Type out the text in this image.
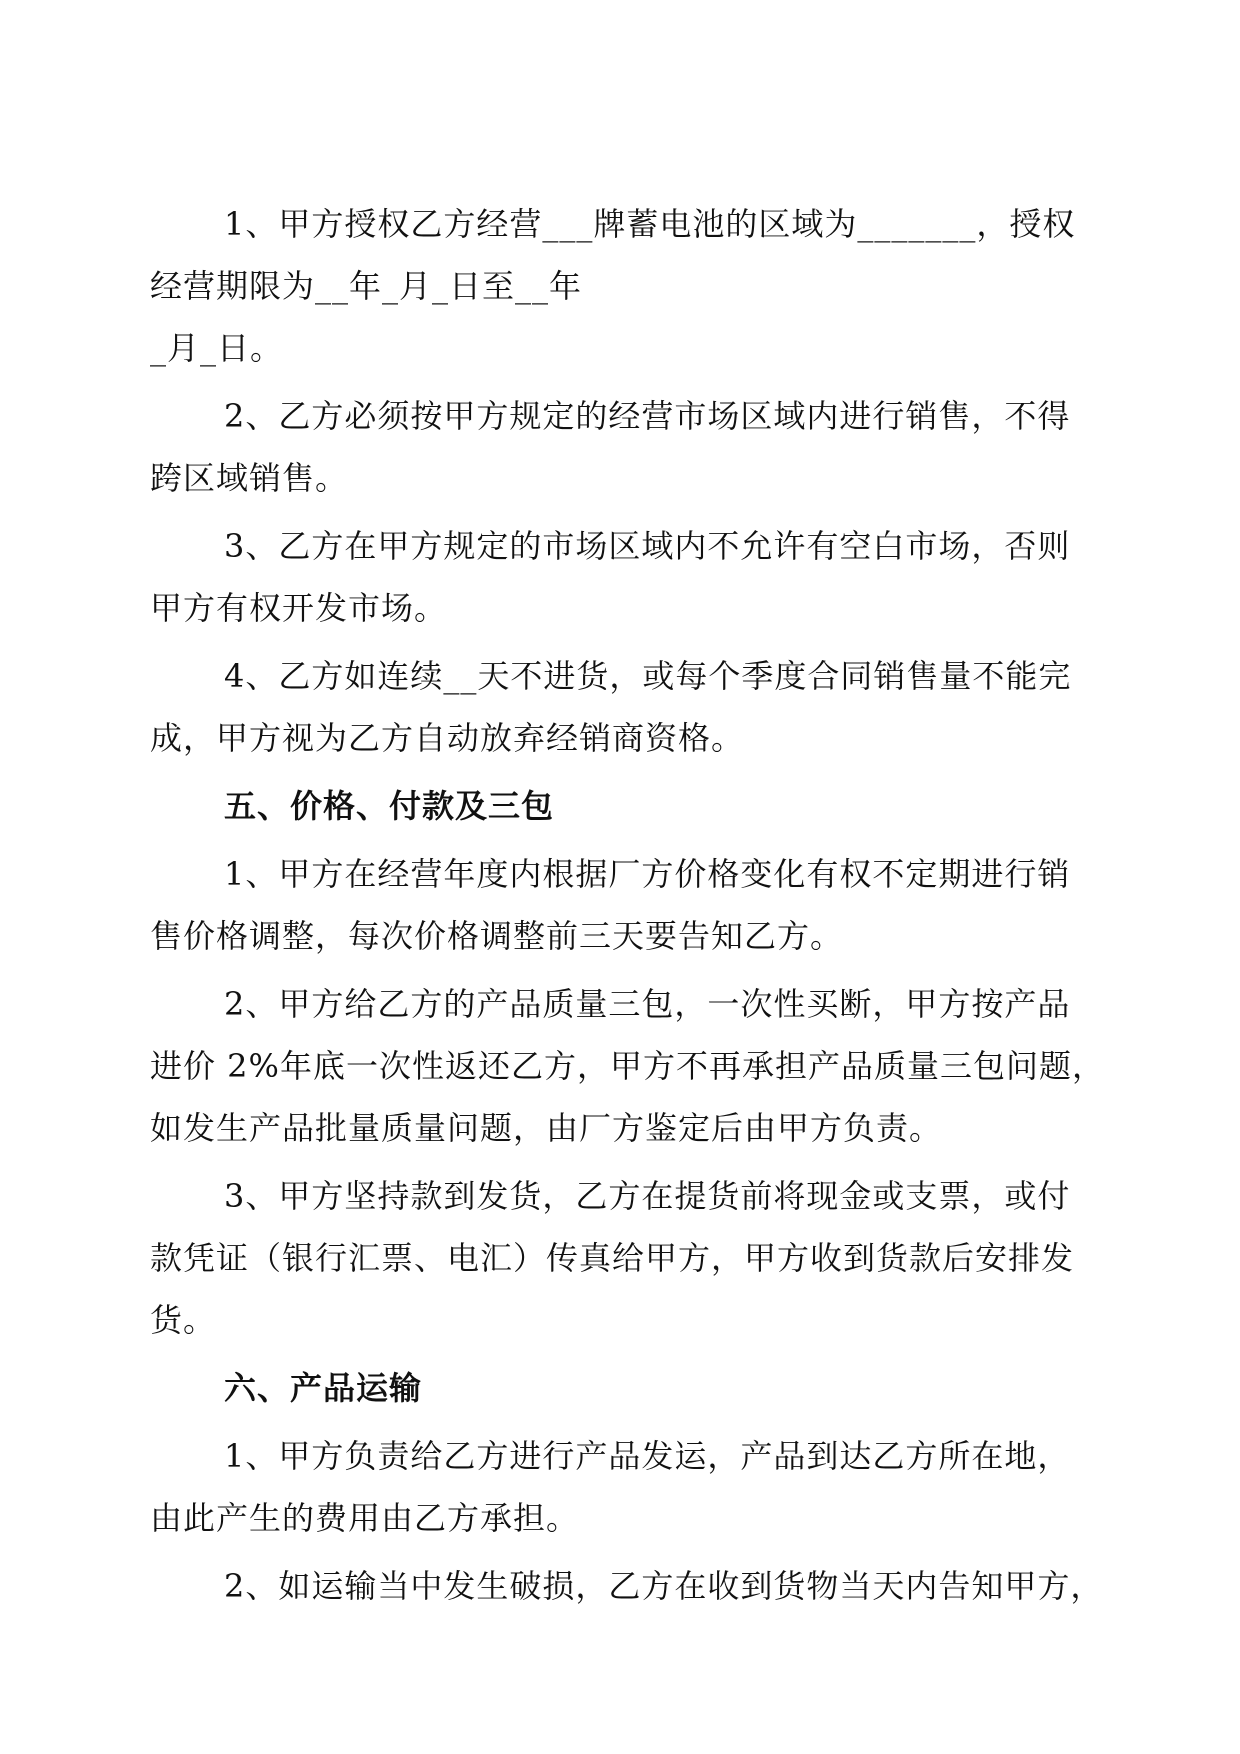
1、甲方授权乙方经营___牌蓄电池的区域为_______，授权
经营期限为__年_月_日至__年
_月_日。

2、乙方必须按甲方规定的经营市场区域内进行销售，不得
跨区域销售。

3、乙方在甲方规定的市场区域内不允许有空白市场，否则
甲方有权开发市场。

4、乙方如连续__天不进货，或每个季度合同销售量不能完
成，甲方视为乙方自动放弃经销商资格。

五、价格、付款及三包

1、甲方在经营年度内根据厂方价格变化有权不定期进行销
售价格调整，每次价格调整前三天要告知乙方。

2、甲方给乙方的产品质量三包，一次性买断，甲方按产品
进价 2%年底一次性返还乙方，甲方不再承担产品质量三包问题，
如发生产品批量质量问题，由厂方鉴定后由甲方负责。

3、甲方坚持款到发货，乙方在提货前将现金或支票，或付
款凭证（银行汇票、电汇）传真给甲方，甲方收到货款后安排发
货。

六、产品运输

1、甲方负责给乙方进行产品发运，产品到达乙方所在地，
由此产生的费用由乙方承担。

2、如运输当中发生破损，乙方在收到货物当天内告知甲方，
